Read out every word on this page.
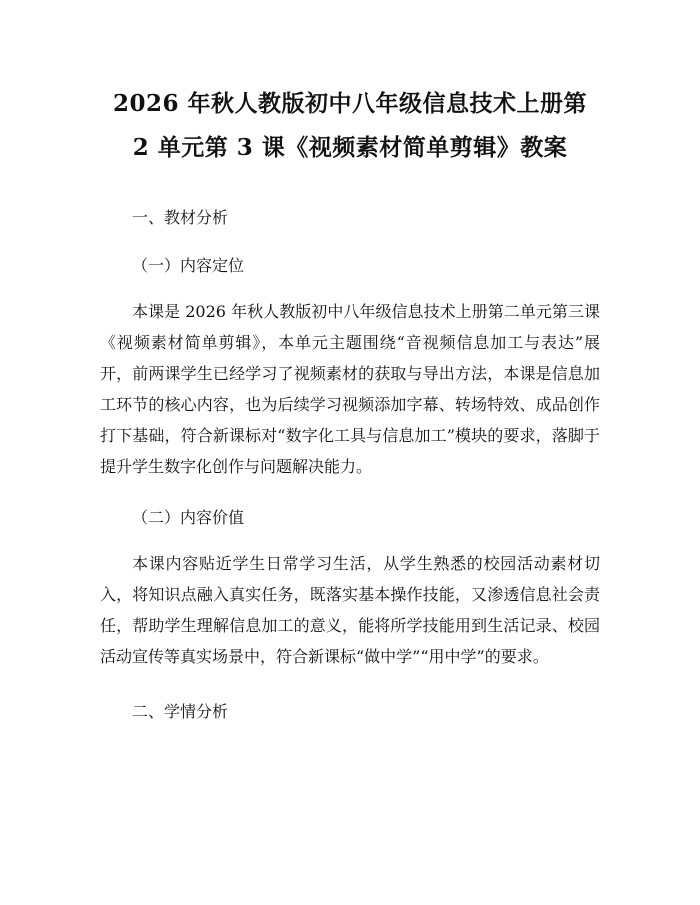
2026 年秋人教版初中八年级信息技术上册第
2 单元第 3 课《视频素材简单剪辑》教案
一、教材分析
（一）内容定位

本课是 2026 年秋人教版初中八年级信息技术上册第二单元第三课《视频素材简单剪辑》，本单元主题围绕“音视频信息加工与表达”展开，前两课学生已经学习了视频素材的获取与导出方法，本课是信息加工环节的核心内容，也为后续学习视频添加字幕、转场特效、成品创作打下基础，符合新课标对“数字化工具与信息加工”模块的要求，落脚于提升学生数字化创作与问题解决能力。

（二）内容价值

本课内容贴近学生日常学习生活，从学生熟悉的校园活动素材切入，将知识点融入真实任务，既落实基本操作技能，又渗透信息社会责任，帮助学生理解信息加工的意义，能将所学技能用到生活记录、校园活动宣传等真实场景中，符合新课标“做中学”“用中学”的要求。

二、学情分析
